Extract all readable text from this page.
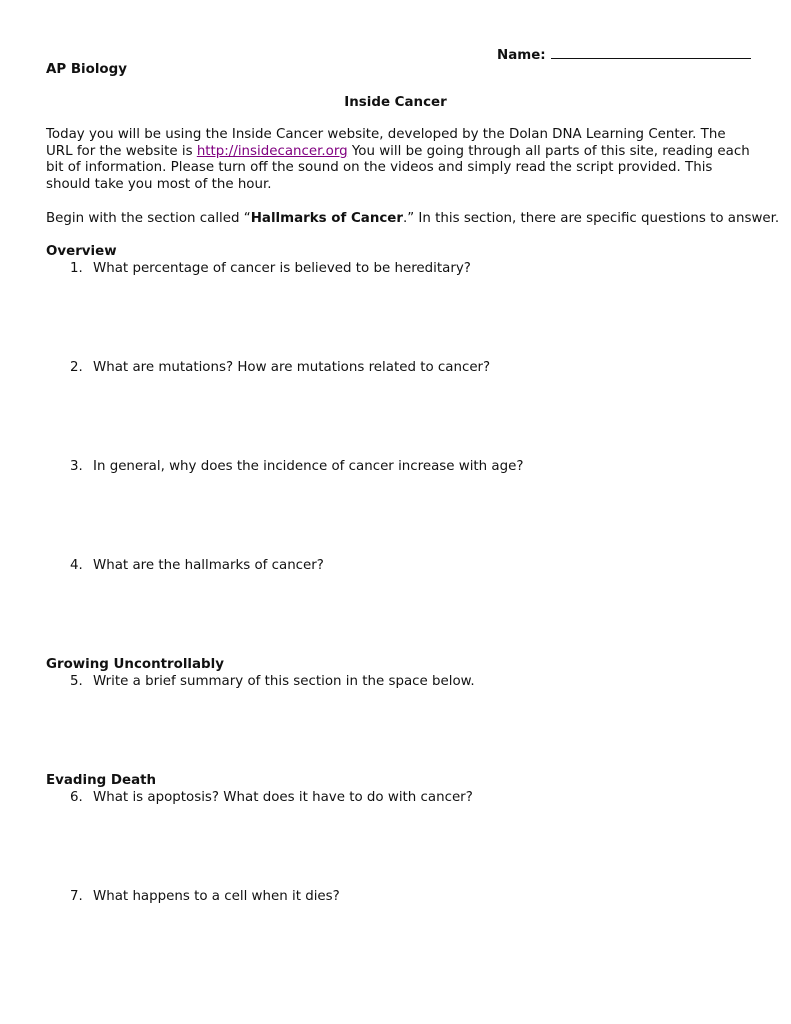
Name:
AP Biology
Inside Cancer
Today you will be using the Inside Cancer website, developed by the Dolan DNA Learning Center. The URL for the website is http://insidecancer.org You will be going through all parts of this site, reading each bit of information. Please turn off the sound on the videos and simply read the script provided. This should take you most of the hour.
Begin with the section called “Hallmarks of Cancer.” In this section, there are specific questions to answer.
Overview
1. What percentage of cancer is believed to be hereditary?
2. What are mutations? How are mutations related to cancer?
3. In general, why does the incidence of cancer increase with age?
4. What are the hallmarks of cancer?
Growing Uncontrollably
5. Write a brief summary of this section in the space below.
Evading Death
6. What is apoptosis? What does it have to do with cancer?
7. What happens to a cell when it dies?
